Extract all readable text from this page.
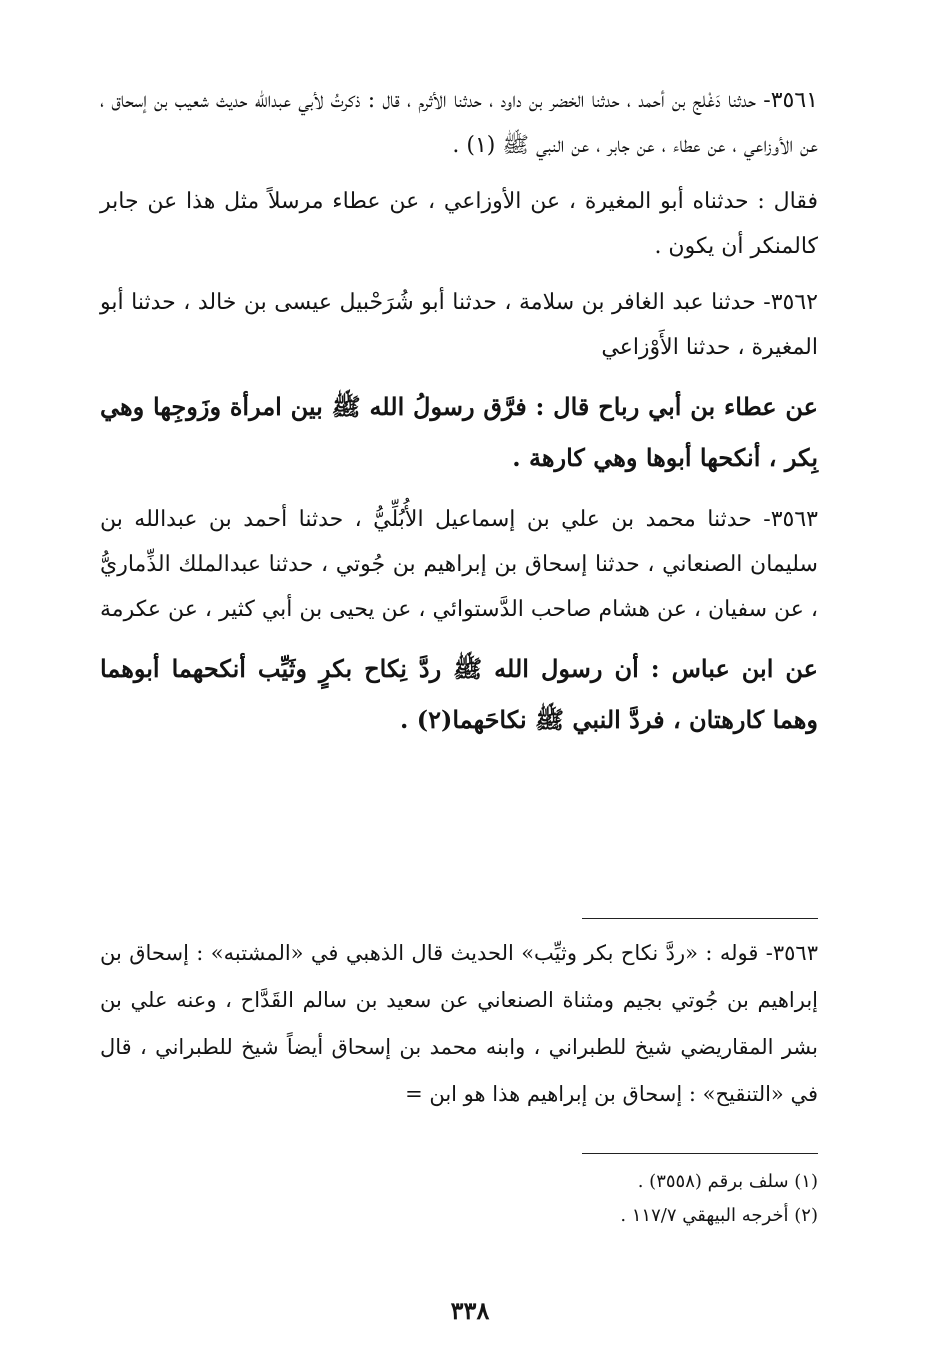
٣٥٦١- حدثنا دَغْلج بن أحمد ، حدثنا الخضر بن داود ، حدثنا الأثرم ، قال : ذكرتُ لأبي عبدالله حديث شعيب بن إسحاق ، عن الأوزاعي ، عن عطاء ، عن جابر ، عن النبي ﷺ (١) .

فقال : حدثناه أبو المغيرة ، عن الأوزاعي ، عن عطاء مرسلاً مثل هذا عن جابر كالمنكر أن يكون .

٣٥٦٢- حدثنا عبد الغافر بن سلامة ، حدثنا أبو شُرَحْبيل عيسى بن خالد ، حدثنا أبو المغيرة ، حدثنا الأَوْزاعي

عن عطاء بن أبي رباح قال : فرَّق رسولُ الله ﷺ بين امرأة وزَوجِها وهي بِكر ، أنكحها أبوها وهي كارهة .

٣٥٦٣- حدثنا محمد بن علي بن إسماعيل الأُبُلِّيُّ ، حدثنا أحمد بن عبدالله بن سليمان الصنعاني ، حدثنا إسحاق بن إبراهيم بن جُوتي ، حدثنا عبدالملك الذِّماريُّ ، عن سفيان ، عن هشام صاحب الدَّستوائي ، عن يحيى بن أبي كثير ، عن عكرمة

عن ابن عباس : أن رسول الله ﷺ ردَّ نِكاح بكرٍ وثَيِّب أنكحهما أبوهما وهما كارهتان ، فردَّ النبي ﷺ نكاحَهما(٢) .

٣٥٦٣- قوله : «ردَّ نكاح بكر وثيِّب» الحديث قال الذهبي في «المشتبه» : إسحاق بن إبراهيم بن جُوتي بجيم ومثناة الصنعاني عن سعيد بن سالم القَدَّاح ، وعنه علي بن بشر المقاريضي شيخ للطبراني ، وابنه محمد بن إسحاق أيضاً شيخ للطبراني ، قال في «التنقيح» : إسحاق بن إبراهيم هذا هو ابن =
(١) سلف برقم (٣٥٥٨) .
(٢) أخرجه البيهقي ١١٧/٧ .
٣٣٨
